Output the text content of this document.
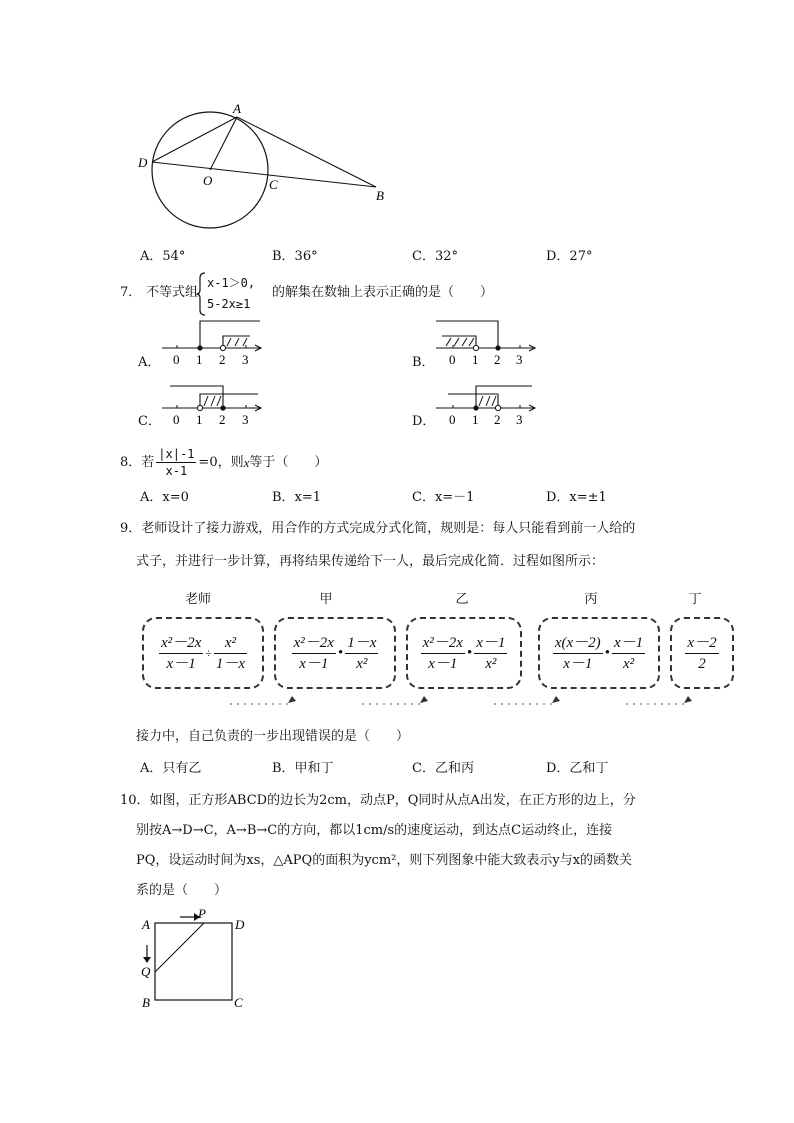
A
D
O	C
B
A．54°	B．36°	C．32°	D．27°
7． 不等式组
x-1＞0,
5-2x≥1
的解集在数轴上表示正确的是（　　）
A． 0 1 2 3	B． 0 1 2 3
C． 0 1 2 3	D． 0 1 2 3
8． 若 $\frac{|x|-1}{x-1} =0$，则 x 等于（　　）
A．x=0	B．x=1	C．x=－1	D．x=±1
9．老师设计了接力游戏，用合作的方式完成分式化简，规则是：每人只能看到前一人给的
式子，并进行一步计算，再将结果传递给下一人，最后完成化简．过程如图所示：
老师	甲	乙	丙	丁
$\frac{\text{x²－2x}}{x-1} \div \frac{\text{x²}}{1-x}$	$\frac{\text{x²－2x}}{x-1}$ • $\frac{1-x}{\text{x²}}$	$\frac{\text{x²－2x}}{x-1}$ • $\frac{x-1}{\text{x²}}$	$\frac{x(x-2)}{x-1}$ • $\frac{x-1}{\text{x²}}$	$\frac{x-2}{2}$
接力中，自己负责的一步出现错误的是（　　）
A．只有乙	B．甲和丁	C．乙和丙	D．乙和丁
10．如图，正方形ABCD的边长为2cm，动点P，Q同时从点A出发，在正方形的边上，分
别按A→D→C，A→B→C的方向，都以1cm/s的速度运动，到达点C运动终止，连接
PQ，设运动时间为xs，△APQ的面积为ycm²，则下列图象中能大致表示y与x的函数关
系的是（　　）
A
P
D
Q
B	C
